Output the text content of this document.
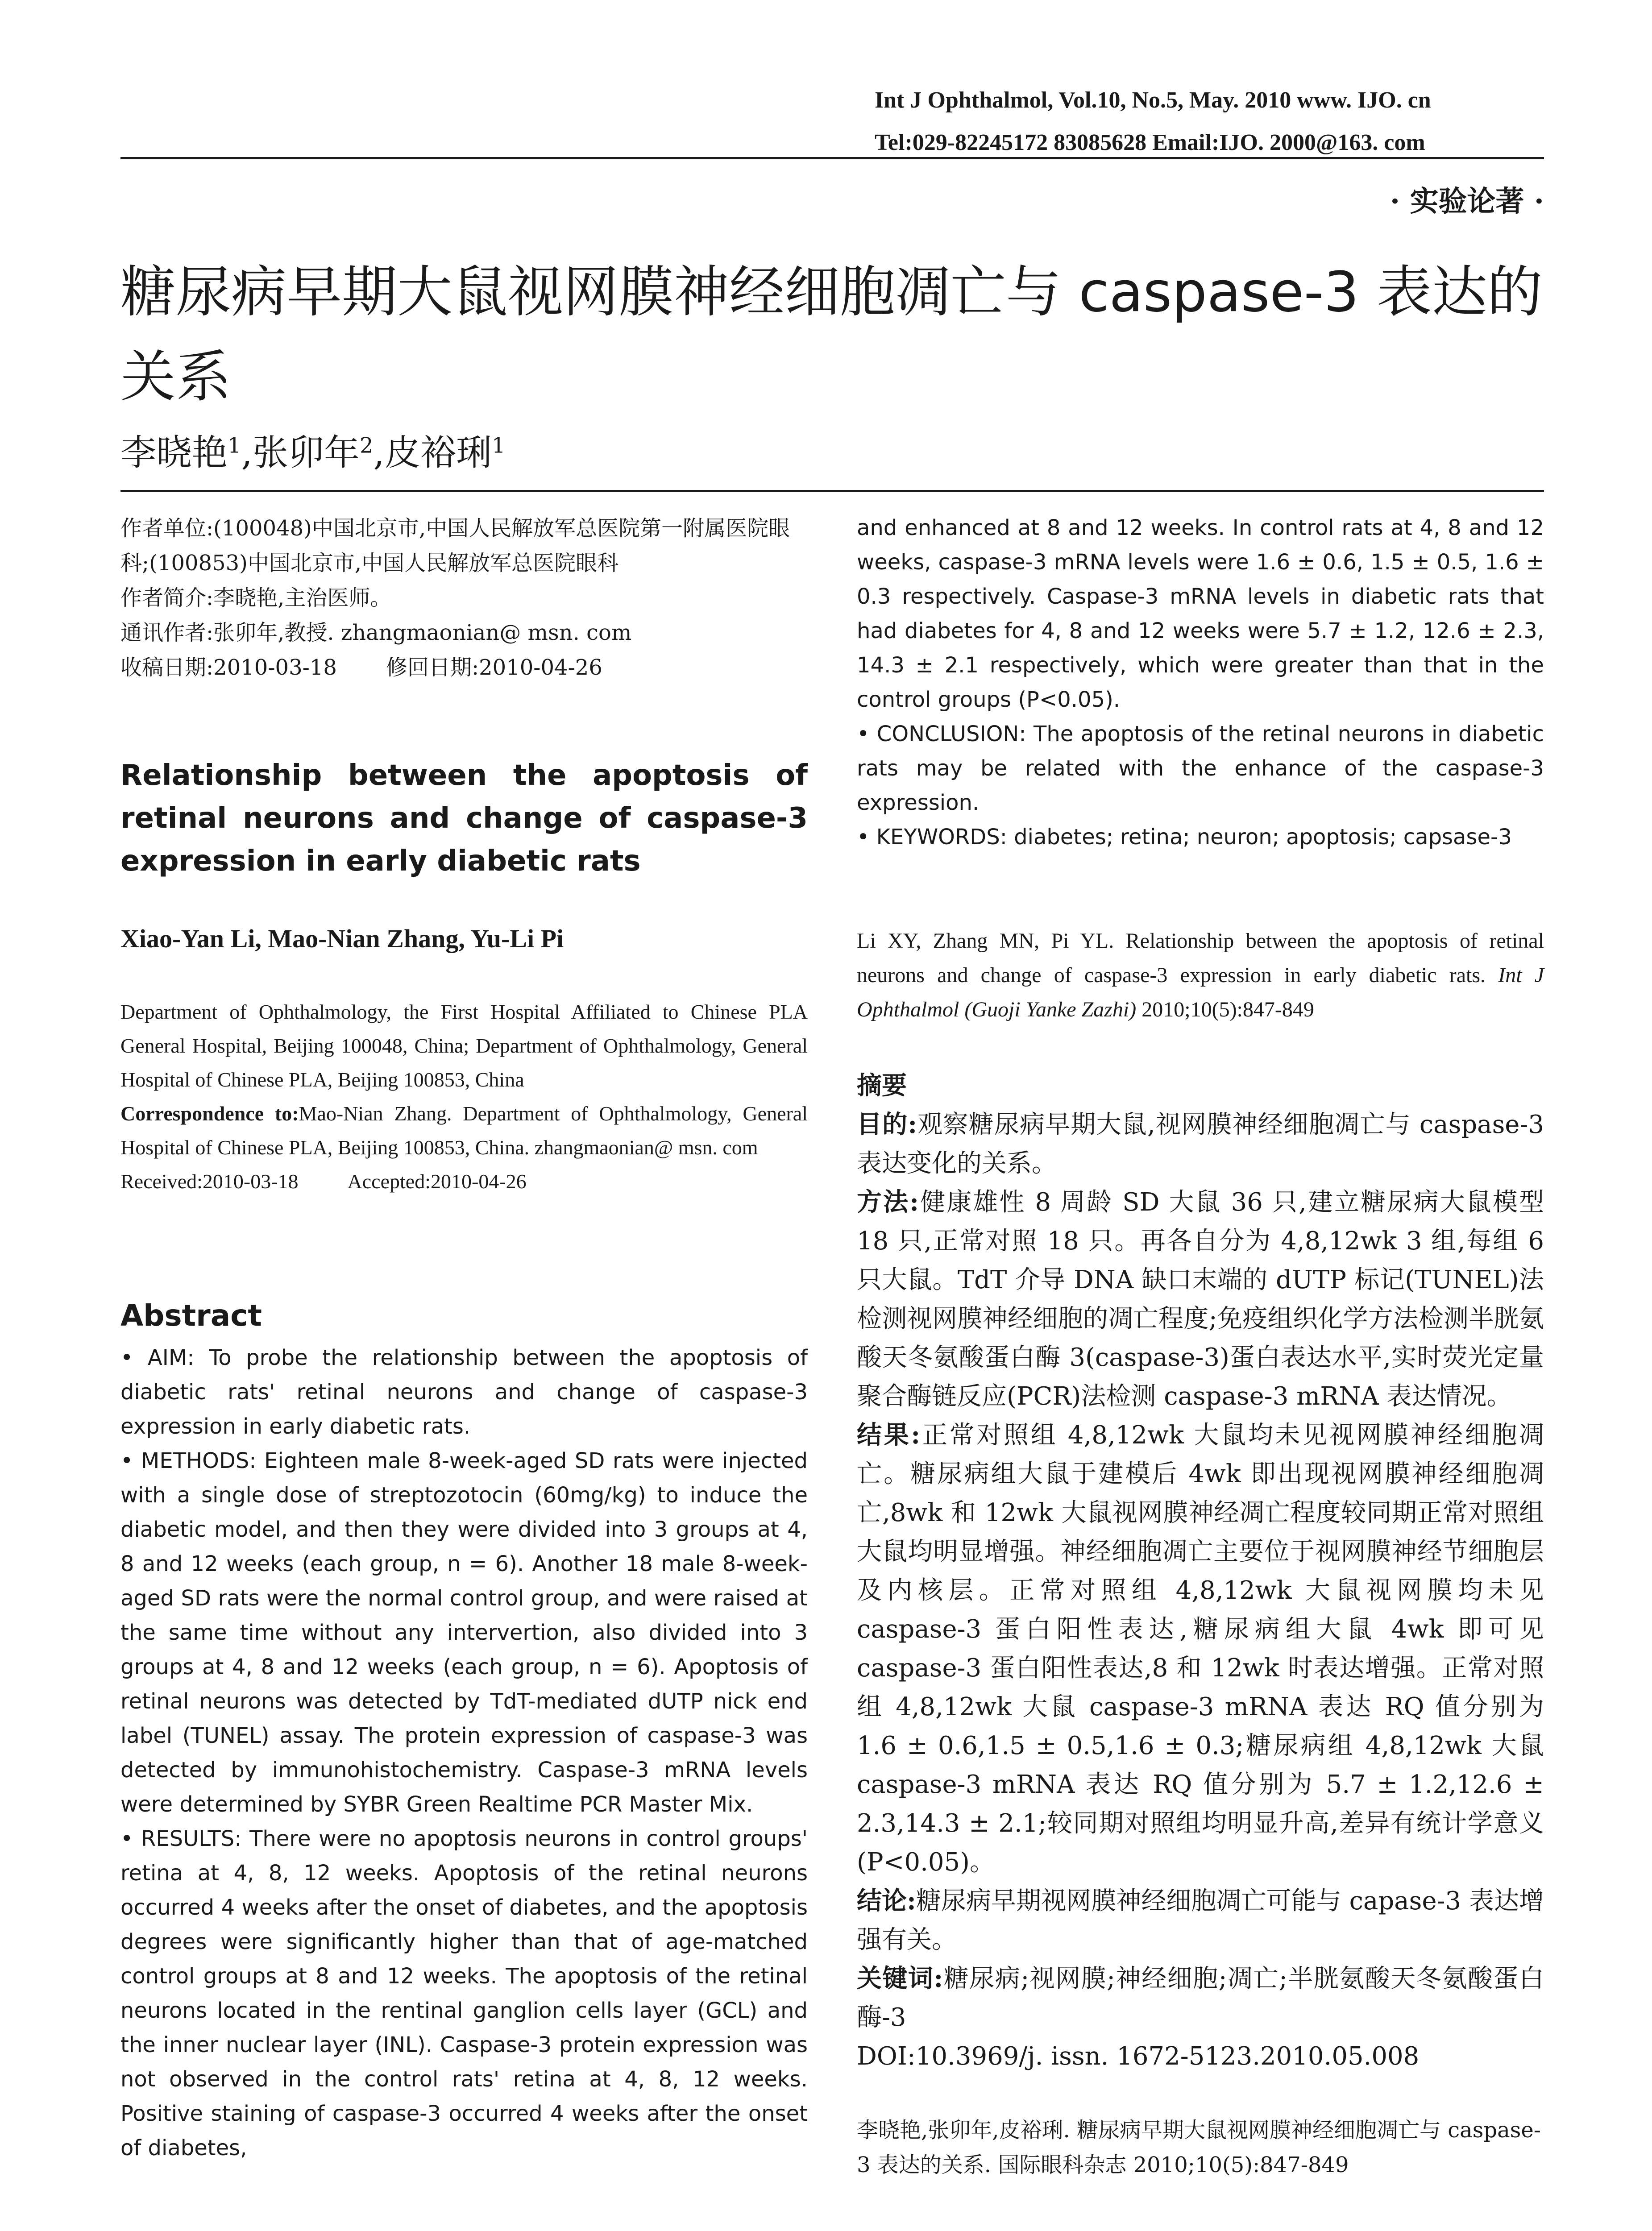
Int J Ophthalmol, Vol.10, No.5, May. 2010 www. IJO. cn
Tel:029-82245172 83085628 Email:IJO. 2000@163. com
· 实验论著 ·
糖尿病早期大鼠视网膜神经细胞凋亡与 caspase-3 表达的关系
李晓艳$^1$,张卯年$^2$,皮裕琍$^1$

作者单位:(100048)中国北京市,中国人民解放军总医院第一附属医院眼科;(100853)中国北京市,中国人民解放军总医院眼科

作者简介:李晓艳,主治医师。

通讯作者:张卯年,教授. zhangmaonian@ msn. com

收稿日期:2010-03-18 修回日期:2010-04-26

Relationship between the apoptosis of retinal neurons and change of caspase-3 expression in early diabetic rats
Xiao-Yan Li, Mao-Nian Zhang, Yu-Li Pi

Department of Ophthalmology, the First Hospital Affiliated to Chinese PLA General Hospital, Beijing 100048, China; Department of Ophthalmology, General Hospital of Chinese PLA, Beijing 100853, China

Correspondence to:Mao-Nian Zhang. Department of Ophthalmology, General Hospital of Chinese PLA, Beijing 100853, China. zhangmaonian@ msn. com

Received:2010-03-18 Accepted:2010-04-26

Abstract

• AIM: To probe the relationship between the apoptosis of diabetic rats' retinal neurons and change of caspase-3 expression in early diabetic rats.

• METHODS: Eighteen male 8-week-aged SD rats were injected with a single dose of streptozotocin (60mg/kg) to induce the diabetic model, and then they were divided into 3 groups at 4, 8 and 12 weeks (each group, n = 6). Another 18 male 8-week-aged SD rats were the normal control group, and were raised at the same time without any intervertion, also divided into 3 groups at 4, 8 and 12 weeks (each group, n = 6). Apoptosis of retinal neurons was detected by TdT-mediated dUTP nick end label (TUNEL) assay. The protein expression of caspase-3 was detected by immunohistochemistry. Caspase-3 mRNA levels were determined by SYBR Green Realtime PCR Master Mix.

• RESULTS: There were no apoptosis neurons in control groups' retina at 4, 8, 12 weeks. Apoptosis of the retinal neurons occurred 4 weeks after the onset of diabetes, and the apoptosis degrees were significantly higher than that of age-matched control groups at 8 and 12 weeks. The apoptosis of the retinal neurons located in the rentinal ganglion cells layer (GCL) and the inner nuclear layer (INL). Caspase-3 protein expression was not observed in the control rats' retina at 4, 8, 12 weeks. Positive staining of caspase-3 occurred 4 weeks after the onset of diabetes,

and enhanced at 8 and 12 weeks. In control rats at 4, 8 and 12 weeks, caspase-3 mRNA levels were 1.6 ± 0.6, 1.5 ± 0.5, 1.6 ± 0.3 respectively. Caspase-3 mRNA levels in diabetic rats that had diabetes for 4, 8 and 12 weeks were 5.7 ± 1.2, 12.6 ± 2.3, 14.3 ± 2.1 respectively, which were greater than that in the control groups (P<0.05).

• CONCLUSION: The apoptosis of the retinal neurons in diabetic rats may be related with the enhance of the caspase-3 expression.

• KEYWORDS: diabetes; retina; neuron; apoptosis; capsase-3

Li XY, Zhang MN, Pi YL. Relationship between the apoptosis of retinal neurons and change of caspase-3 expression in early diabetic rats. Int J Ophthalmol (Guoji Yanke Zazhi) 2010;10(5):847-849

摘要

目的:观察糖尿病早期大鼠,视网膜神经细胞凋亡与 caspase-3 表达变化的关系。

方法:健康雄性 8 周龄 SD 大鼠 36 只,建立糖尿病大鼠模型 18 只,正常对照 18 只。再各自分为 4,8,12wk 3 组,每组 6 只大鼠。TdT 介导 DNA 缺口末端的 dUTP 标记(TUNEL)法检测视网膜神经细胞的凋亡程度;免疫组织化学方法检测半胱氨酸天冬氨酸蛋白酶 3(caspase-3)蛋白表达水平,实时荧光定量聚合酶链反应(PCR)法检测 caspase-3 mRNA 表达情况。

结果:正常对照组 4,8,12wk 大鼠均未见视网膜神经细胞凋亡。糖尿病组大鼠于建模后 4wk 即出现视网膜神经细胞凋亡,8wk 和 12wk 大鼠视网膜神经凋亡程度较同期正常对照组大鼠均明显增强。神经细胞凋亡主要位于视网膜神经节细胞层及内核层。正常对照组 4,8,12wk 大鼠视网膜均未见 caspase-3 蛋白阳性表达,糖尿病组大鼠 4wk 即可见 caspase-3 蛋白阳性表达,8 和 12wk 时表达增强。正常对照组 4,8,12wk 大鼠 caspase-3 mRNA 表达 RQ 值分别为 1.6 ± 0.6,1.5 ± 0.5,1.6 ± 0.3;糖尿病组 4,8,12wk 大鼠 caspase-3 mRNA 表达 RQ 值分别为 5.7 ± 1.2,12.6 ± 2.3,14.3 ± 2.1;较同期对照组均明显升高,差异有统计学意义(P<0.05)。

结论:糖尿病早期视网膜神经细胞凋亡可能与 capase-3 表达增强有关。

关键词:糖尿病;视网膜;神经细胞;凋亡;半胱氨酸天冬氨酸蛋白酶-3

DOI:10.3969/j. issn. 1672-5123.2010.05.008

李晓艳,张卯年,皮裕琍. 糖尿病早期大鼠视网膜神经细胞凋亡与 caspase-3 表达的关系. 国际眼科杂志 2010;10(5):847-849
